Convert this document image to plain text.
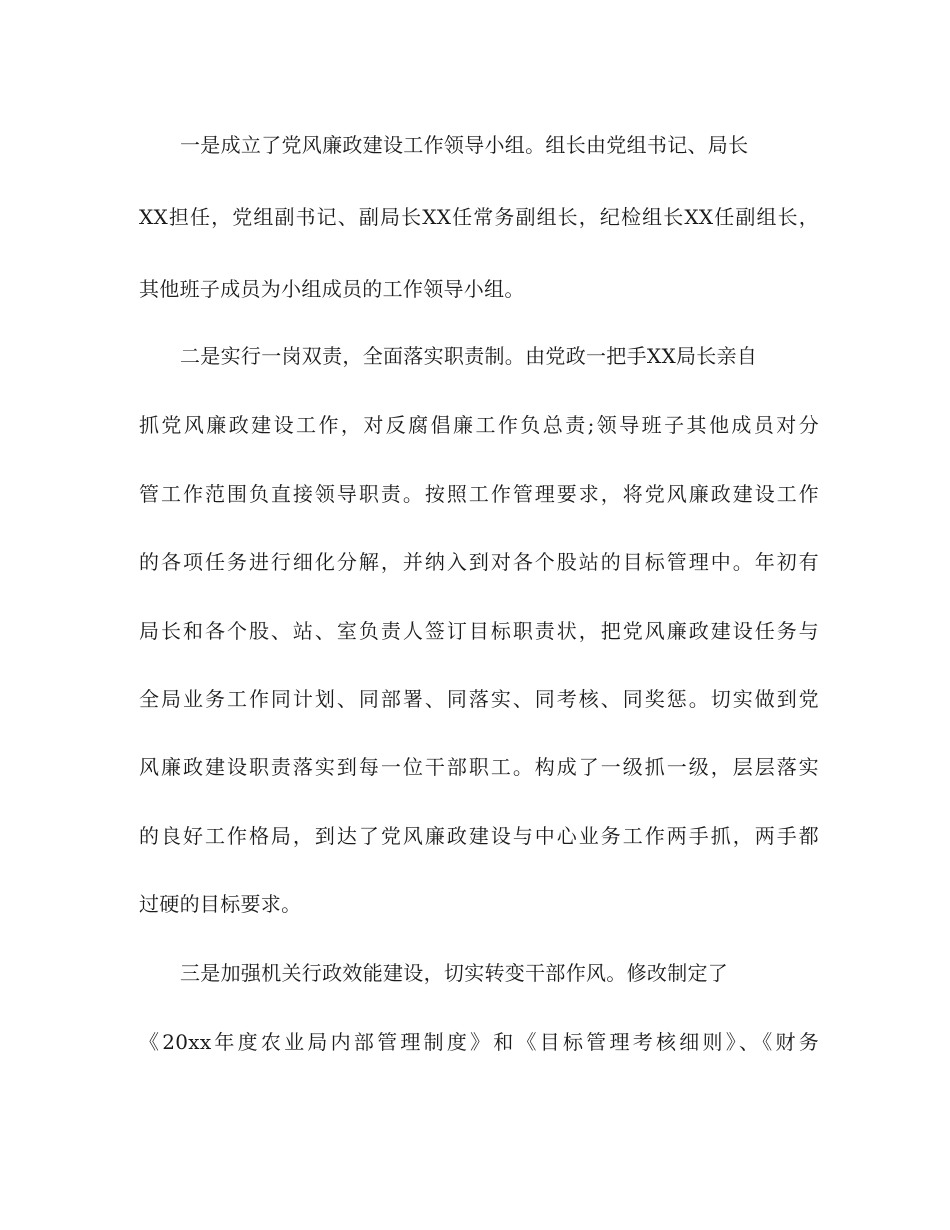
一是成立了党风廉政建设工作领导小组。组长由党组书记、局长
XX担任，党组副书记、副局长XX任常务副组长，纪检组长XX任副组长，
其他班子成员为小组成员的工作领导小组。
二是实行一岗双责，全面落实职责制。由党政一把手XX局长亲自
抓党风廉政建设工作，对反腐倡廉工作负总责;领导班子其他成员对分
管工作范围负直接领导职责。按照工作管理要求，将党风廉政建设工作
的各项任务进行细化分解，并纳入到对各个股站的目标管理中。年初有
局长和各个股、站、室负责人签订目标职责状，把党风廉政建设任务与
全局业务工作同计划、同部署、同落实、同考核、同奖惩。切实做到党
风廉政建设职责落实到每一位干部职工。构成了一级抓一级，层层落实
的良好工作格局，到达了党风廉政建设与中心业务工作两手抓，两手都
过硬的目标要求。
三是加强机关行政效能建设，切实转变干部作风。修改制定了
《20xx年度农业局内部管理制度》和《目标管理考核细则》、《财务
